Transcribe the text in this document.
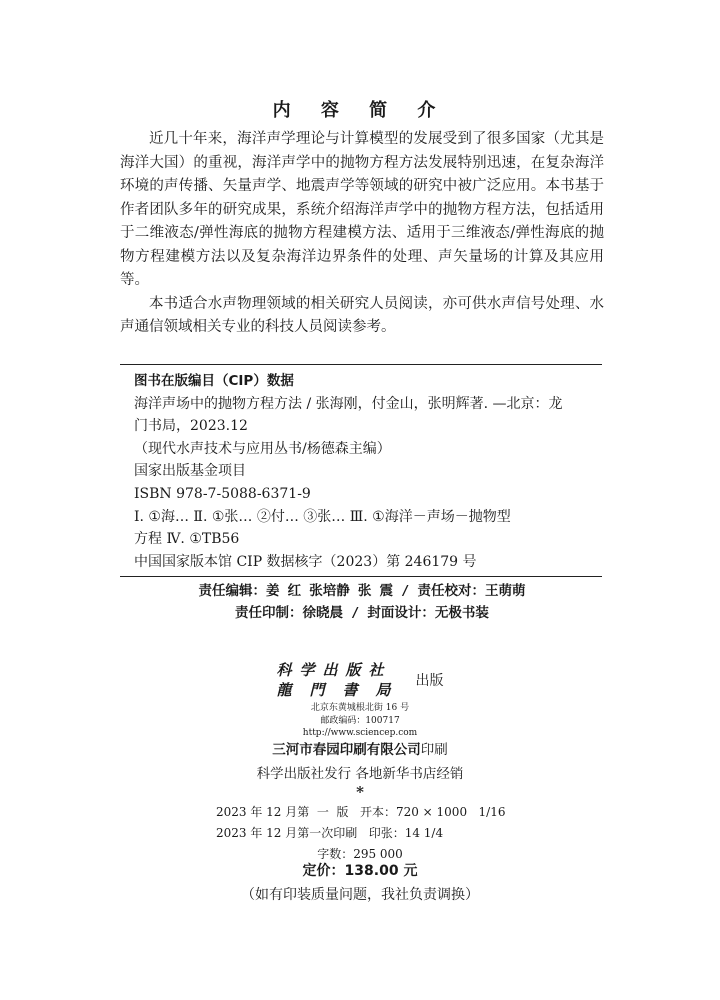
内 容 简 介

近几十年来，海洋声学理论与计算模型的发展受到了很多国家（尤其是海洋大国）的重视，海洋声学中的抛物方程方法发展特别迅速，在复杂海洋环境的声传播、矢量声学、地震声学等领域的研究中被广泛应用。本书基于作者团队多年的研究成果，系统介绍海洋声学中的抛物方程方法，包括适用于二维液态/弹性海底的抛物方程建模方法、适用于三维液态/弹性海底的抛物方程建模方法以及复杂海洋边界条件的处理、声矢量场的计算及其应用等。

本书适合水声物理领域的相关研究人员阅读，亦可供水声信号处理、水声通信领域相关专业的科技人员阅读参考。

图书在版编目（CIP）数据
海洋声场中的抛物方程方法 / 张海刚，付金山，张明辉著. —北京：龙
门书局，2023.12
（现代水声技术与应用丛书/杨德森主编）
国家出版基金项目
ISBN 978-7-5088-6371-9
Ⅰ. ①海… Ⅱ. ①张… ②付… ③张… Ⅲ. ①海洋－声场－抛物型
方程 Ⅳ. ①TB56
中国国家版本馆 CIP 数据核字（2023）第 246179 号
责任编辑：姜 红 张培静 张 震 / 责任校对：王萌萌
责任印制：徐晓晨 / 封面设计：无极书装
科学出版社
龍門書局 出版
北京东黄城根北街 16 号
邮政编码：100717
http://www.sciencep.com
三河市春园印刷有限公司印刷
科学出版社发行 各地新华书店经销
*
2023 年 12 月第  一  版   开本：720 × 1000   1/16
2023 年 12 月第一次印刷   印张：14 1/4
字数：295 000
定价：138.00 元
（如有印装质量问题，我社负责调换）
